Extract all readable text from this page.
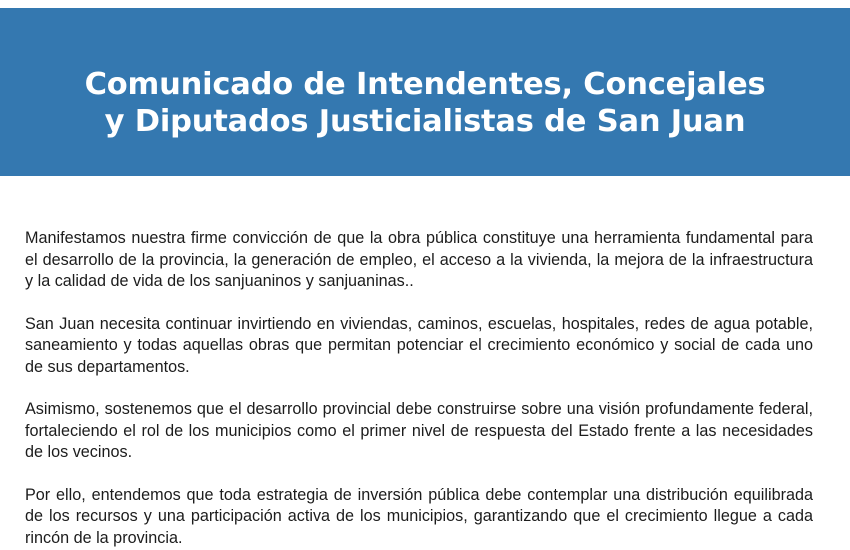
Comunicado de Intendentes, Concejales
y Diputados Justicialistas de San Juan

Manifestamos nuestra firme convicción de que la obra pública constituye una herramienta fundamental para el desarrollo de la provincia, la generación de empleo, el acceso a la vivienda, la mejora de la infraestructura y la calidad de vida de los sanjuaninos y sanjuaninas..

San Juan necesita continuar invirtiendo en viviendas, caminos, escuelas, hospitales, redes de agua potable, saneamiento y todas aquellas obras que permitan potenciar el crecimiento económico y social de cada uno de sus departamentos.

Asimismo, sostenemos que el desarrollo provincial debe construirse sobre una visión profundamente federal, fortaleciendo el rol de los municipios como el primer nivel de respuesta del Estado frente a las necesidades de los vecinos.

Por ello, entendemos que toda estrategia de inversión pública debe contemplar una distribución equilibrada de los recursos y una participación activa de los municipios, garantizando que el crecimiento llegue a cada rincón de la provincia.
